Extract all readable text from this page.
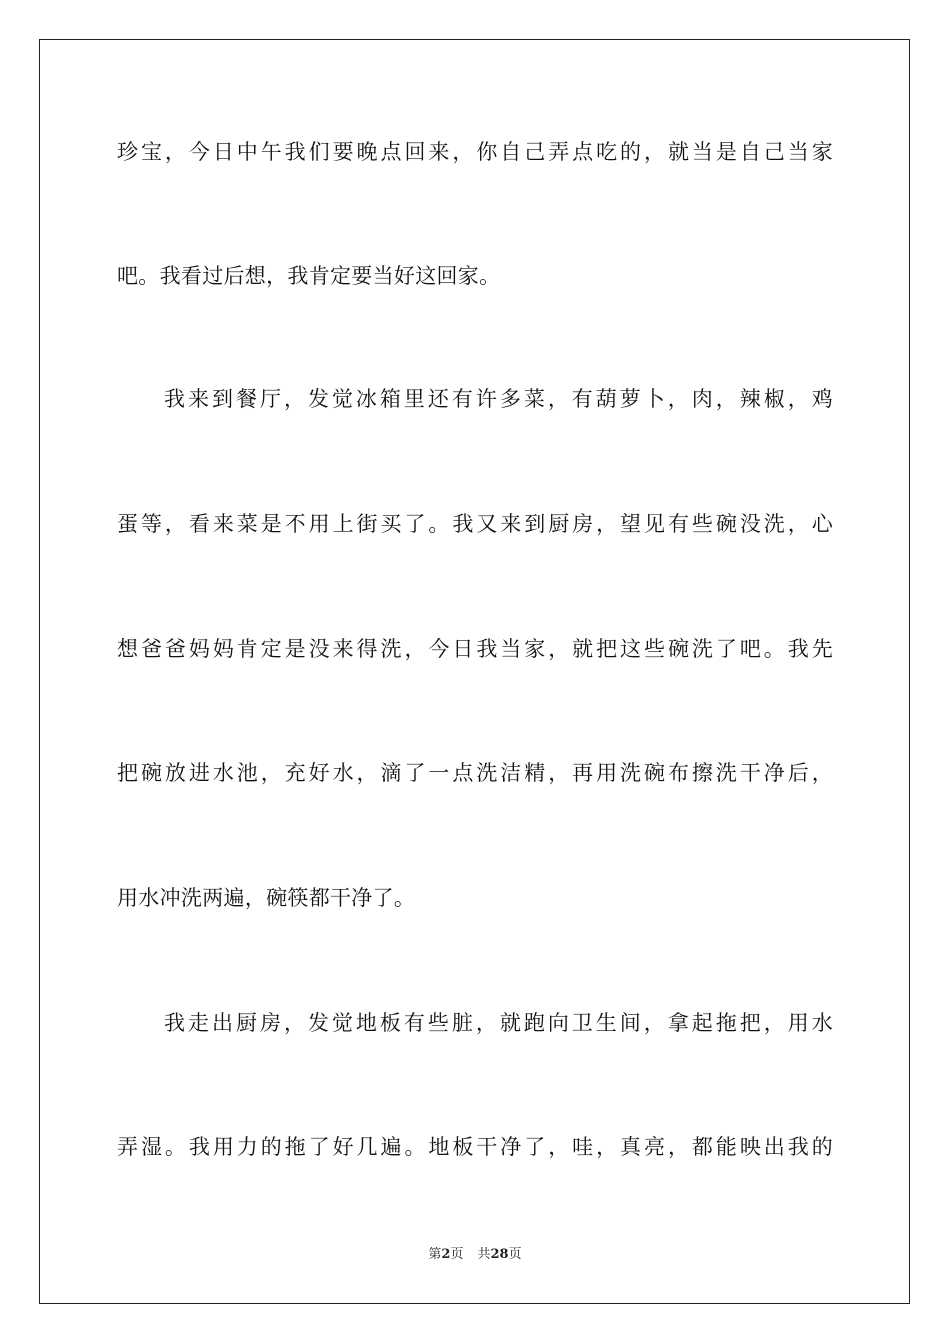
珍宝，今日中午我们要晚点回来，你自己弄点吃的，就当是自己当家
吧。我看过后想，我肯定要当好这回家。
我来到餐厅，发觉冰箱里还有许多菜，有葫萝卜，肉，辣椒，鸡
蛋等，看来菜是不用上街买了。我又来到厨房，望见有些碗没洗，心
想爸爸妈妈肯定是没来得洗，今日我当家，就把这些碗洗了吧。我先
把碗放进水池，充好水，滴了一点洗洁精，再用洗碗布擦洗干净后，
用水冲洗两遍，碗筷都干净了。
我走出厨房，发觉地板有些脏，就跑向卫生间，拿起拖把，用水
弄湿。我用力的拖了好几遍。地板干净了，哇，真亮，都能映出我的
第2页 共28页
